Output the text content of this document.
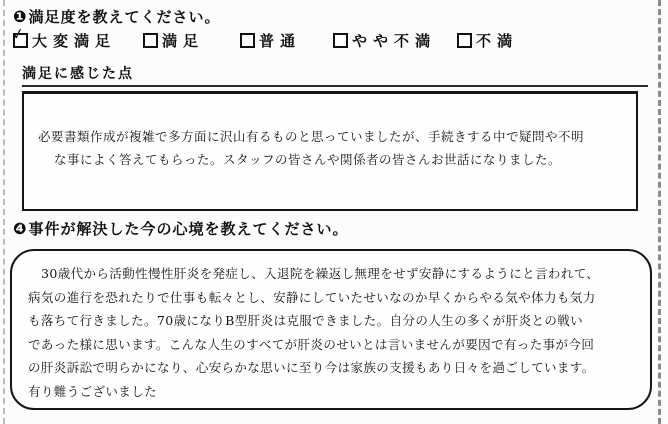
❶ 満足度を教えてください。
✓
大変満足	満足	普通	やや不満	不満
満足に感じた点
必要書類作成が複雑で多方面に沢山有るものと思っていましたが、手続きする中で疑問や不明
な事によく答えてもらった。スタッフの皆さんや関係者の皆さんお世話になりました。
❹ 事件が解決した今の心境を教えてください。
30歳代から活動性慢性肝炎を発症し、入退院を繰返し無理をせず安静にするようにと言われて、
病気の進行を恐れたりで仕事も転々とし、安静にしていたせいなのか早くからやる気や体力も気力
も落ちて行きました。70歳になりB型肝炎は克服できました。自分の人生の多くが肝炎との戦い
であった様に思います。こんな人生のすべてが肝炎のせいとは言いませんが要因で有った事が今回
の肝炎訴訟で明らかになり、心安らかな思いに至り今は家族の支援もあり日々を過ごしています。
有り難うございました
